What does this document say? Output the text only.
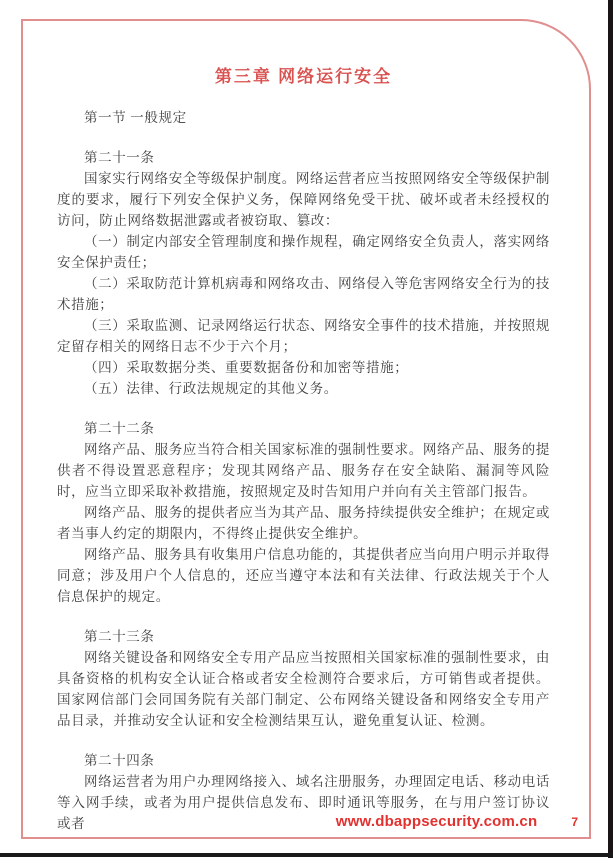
第三章 网络运行安全

第一节 一般规定

第二十一条

国家实行网络安全等级保护制度。网络运营者应当按照网络安全等级保护制度的要求，履行下列安全保护义务，保障网络免受干扰、破坏或者未经授权的访问，防止网络数据泄露或者被窃取、篡改：

（一）制定内部安全管理制度和操作规程，确定网络安全负责人，落实网络安全保护责任；

（二）采取防范计算机病毒和网络攻击、网络侵入等危害网络安全行为的技术措施；

（三）采取监测、记录网络运行状态、网络安全事件的技术措施，并按照规定留存相关的网络日志不少于六个月；

（四）采取数据分类、重要数据备份和加密等措施；

（五）法律、行政法规规定的其他义务。

第二十二条

网络产品、服务应当符合相关国家标准的强制性要求。网络产品、服务的提供者不得设置恶意程序；发现其网络产品、服务存在安全缺陷、漏洞等风险时，应当立即采取补救措施，按照规定及时告知用户并向有关主管部门报告。

网络产品、服务的提供者应当为其产品、服务持续提供安全维护；在规定或者当事人约定的期限内，不得终止提供安全维护。

网络产品、服务具有收集用户信息功能的，其提供者应当向用户明示并取得同意；涉及用户个人信息的，还应当遵守本法和有关法律、行政法规关于个人信息保护的规定。

第二十三条

网络关键设备和网络安全专用产品应当按照相关国家标准的强制性要求，由具备资格的机构安全认证合格或者安全检测符合要求后，方可销售或者提供。国家网信部门会同国务院有关部门制定、公布网络关键设备和网络安全专用产品目录，并推动安全认证和安全检测结果互认，避免重复认证、检测。

第二十四条

网络运营者为用户办理网络接入、域名注册服务，办理固定电话、移动电话等入网手续，或者为用户提供信息发布、即时通讯等服务，在与用户签订协议或者	www.dbappsecurity.com.cn	7
